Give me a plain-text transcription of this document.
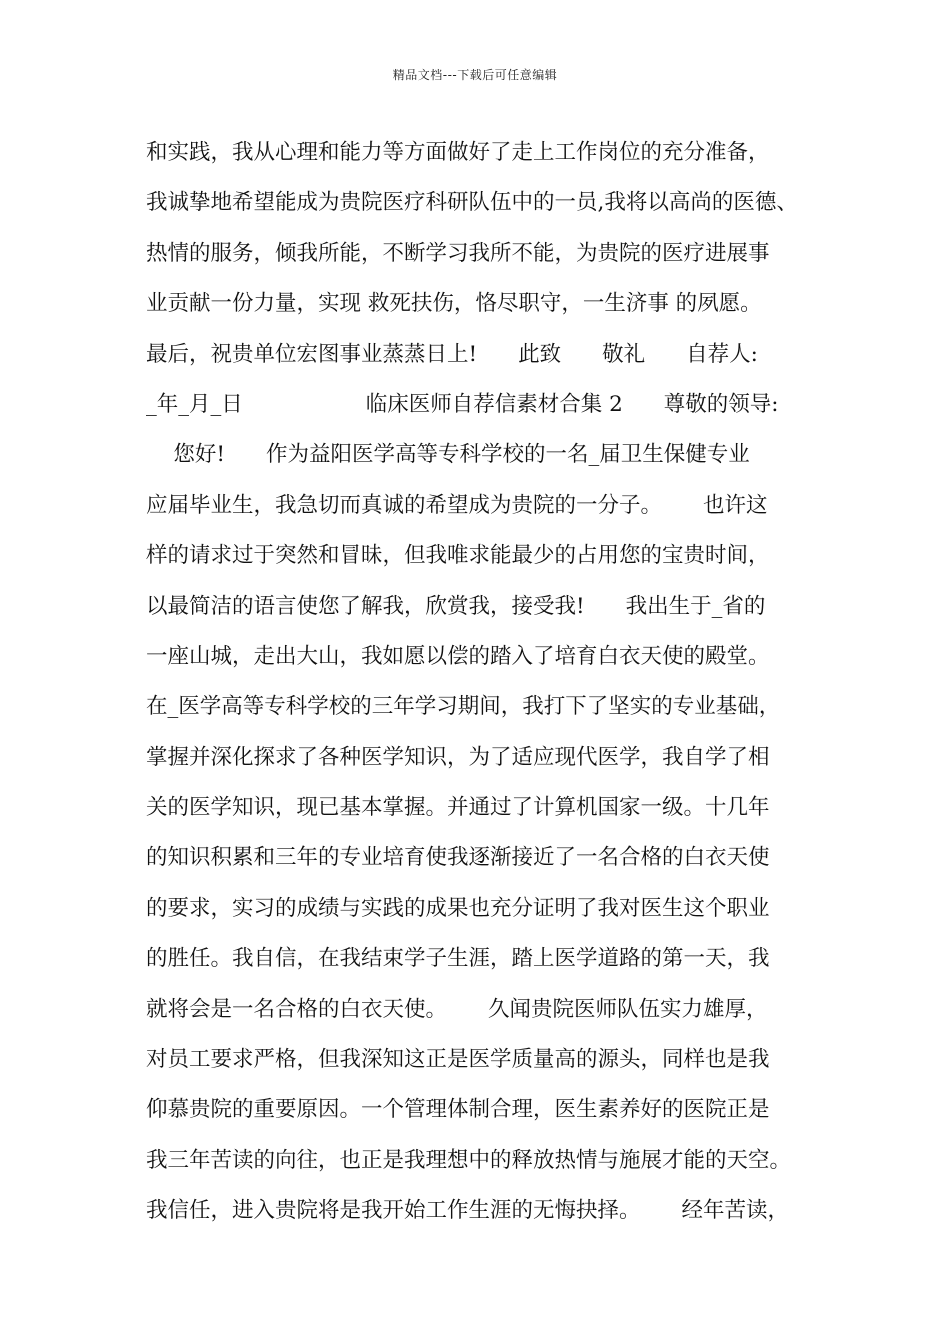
精品文档---下载后可任意编辑
和实践，我从心理和能力等方面做好了走上工作岗位的充分准备，
我诚挚地希望能成为贵院医疗科研队伍中的一员,我将以高尚的医德、
热情的服务，倾我所能，不断学习我所不能，为贵院的医疗进展事
业贡献一份力量，实现 救死扶伤，恪尽职守，一生济事 的夙愿。
最后，祝贵单位宏图事业蒸蒸日上!      此致      敬礼      自荐人:
_年_月_日                  临床医师自荐信素材合集 2      尊敬的领导:
您好!      作为益阳医学高等专科学校的一名_届卫生保健专业
应届毕业生，我急切而真诚的希望成为贵院的一分子。      也许这
样的请求过于突然和冒昧，但我唯求能最少的占用您的宝贵时间，
以最简洁的语言使您了解我，欣赏我，接受我!      我出生于_省的
一座山城，走出大山，我如愿以偿的踏入了培育白衣天使的殿堂。
在_医学高等专科学校的三年学习期间，我打下了坚实的专业基础，
掌握并深化探求了各种医学知识，为了适应现代医学，我自学了相
关的医学知识，现已基本掌握。并通过了计算机国家一级。十几年
的知识积累和三年的专业培育使我逐渐接近了一名合格的白衣天使
的要求，实习的成绩与实践的成果也充分证明了我对医生这个职业
的胜任。我自信，在我结束学子生涯，踏上医学道路的第一天，我
就将会是一名合格的白衣天使。      久闻贵院医师队伍实力雄厚，
对员工要求严格，但我深知这正是医学质量高的源头，同样也是我
仰慕贵院的重要原因。一个管理体制合理，医生素养好的医院正是
我三年苦读的向往，也正是我理想中的释放热情与施展才能的天空。
我信任，进入贵院将是我开始工作生涯的无悔抉择。      经年苦读，
